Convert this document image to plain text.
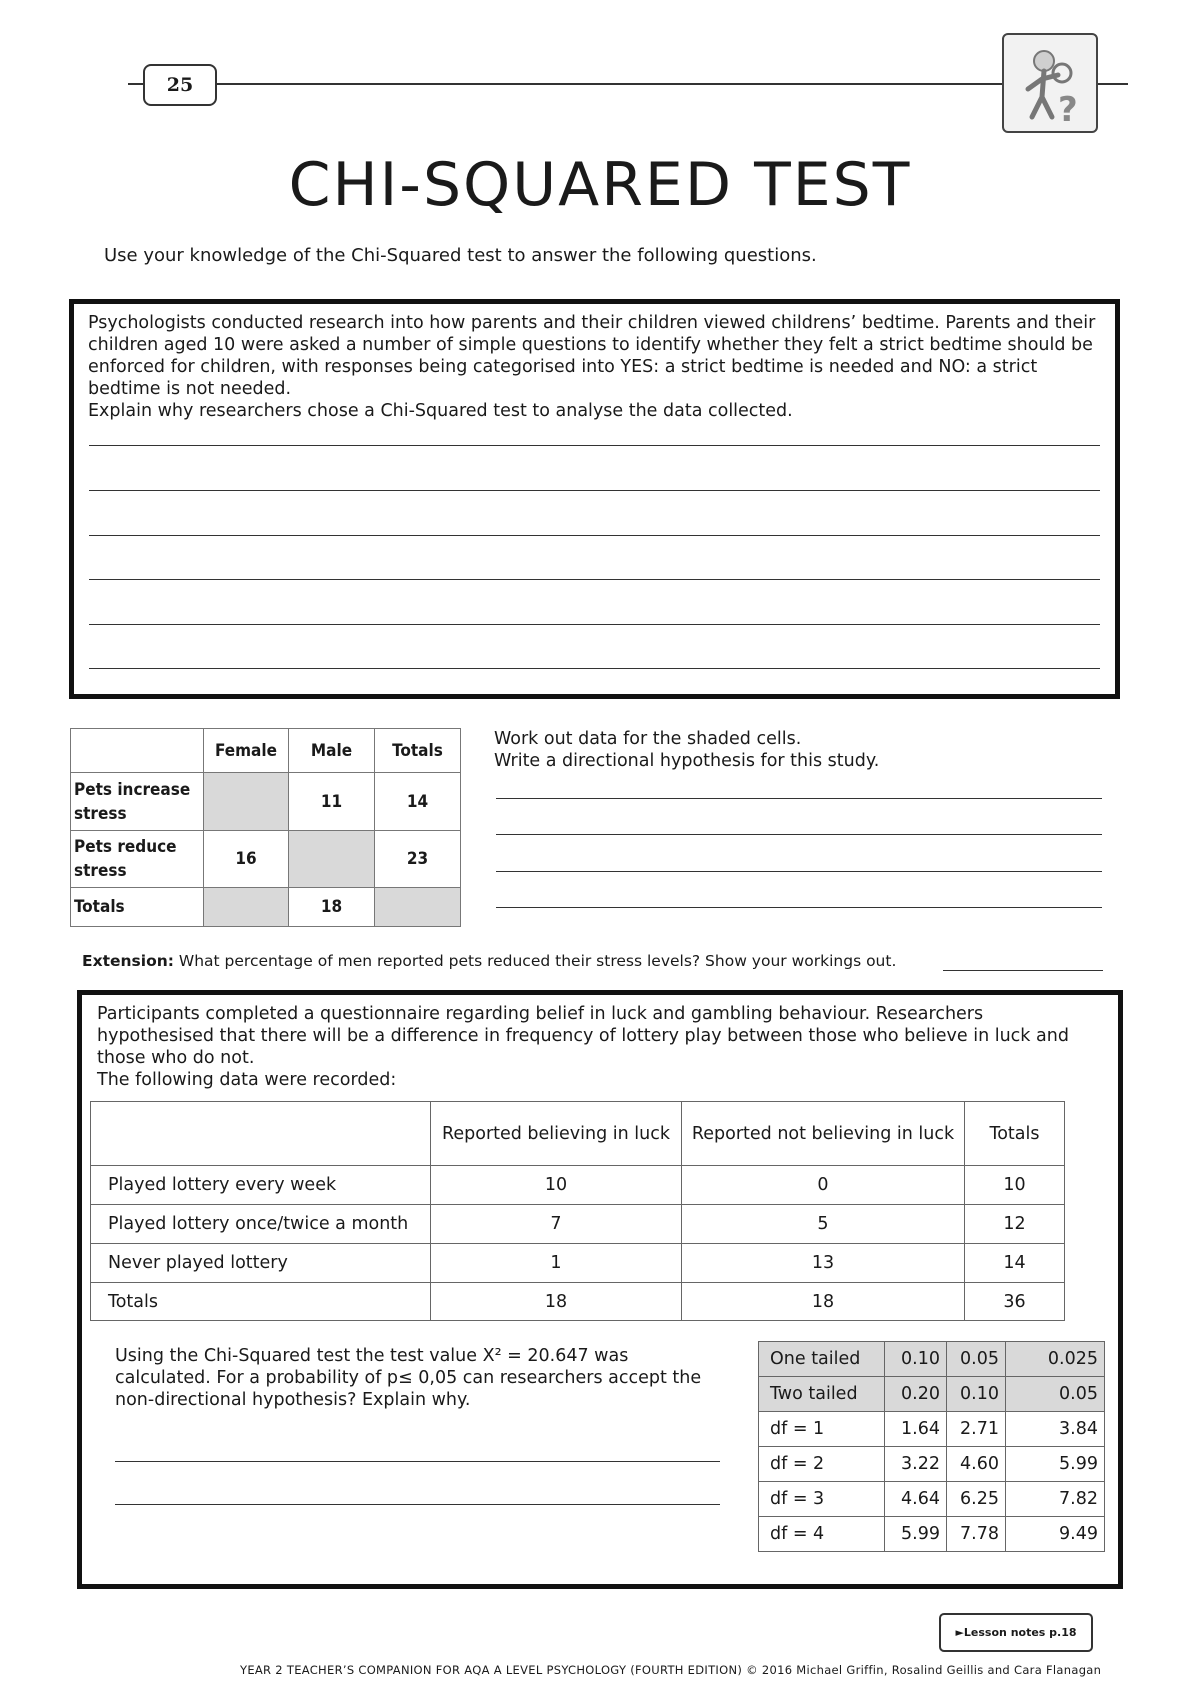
25
?
CHI-SQUARED TEST
Use your knowledge of the Chi-Squared test to answer the following questions.
Psychologists conducted research into how parents and their children viewed childrens’ bedtime. Parents and their children aged 10 were asked a number of simple questions to identify whether they felt a strict bedtime should be enforced for children, with responses being categorised into YES: a strict bedtime is needed and NO: a strict bedtime is not needed.
Explain why researchers chose a Chi-Squared test to analyse the data collected.
	Female	Male	Totals
Pets increase stress		11	14
Pets reduce stress	16		23
Totals		18	
Work out data for the shaded cells.
Write a directional hypothesis for this study.
Extension: What percentage of men reported pets reduced their stress levels? Show your workings out.
Participants completed a questionnaire regarding belief in luck and gambling behaviour. Researchers hypothesised that there will be a difference in frequency of lottery play between those who believe in luck and those who do not.
The following data were recorded:
	Reported believing in luck	Reported not believing in luck	Totals
Played lottery every week	10	0	10
Played lottery once/twice a month	7	5	12
Never played lottery	1	13	14
Totals	18	18	36
Using the Chi-Squared test the test value X² = 20.647 was calculated. For a probability of p≤ 0,05 can researchers accept the non-directional hypothesis? Explain why.
One tailed	0.10	0.05	0.025
Two tailed	0.20	0.10	0.05
df = 1	1.64	2.71	3.84
df = 2	3.22	4.60	5.99
df = 3	4.64	6.25	7.82
df = 4	5.99	7.78	9.49
►Lesson notes p.18
YEAR 2 TEACHER’S COMPANION FOR AQA A LEVEL PSYCHOLOGY (FOURTH EDITION) © 2016 Michael Griffin, Rosalind Geillis and Cara Flanagan
